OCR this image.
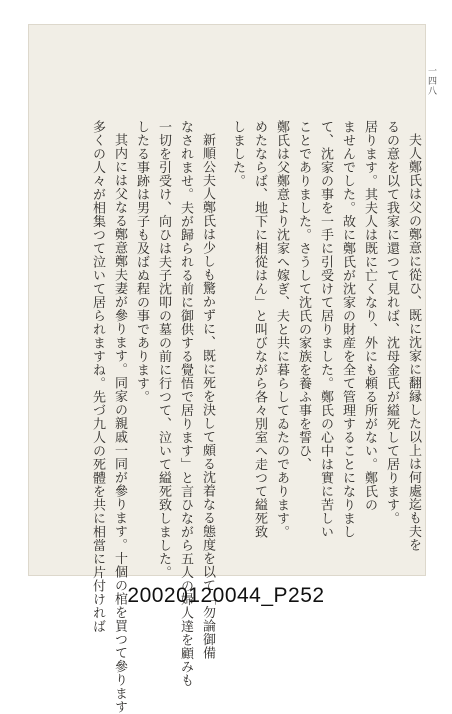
一四八
夫人鄭氏は父の鄭意に從ひ、既に沈家に翻縁した以上は何處迄も夫を
るの意を以て我家に還つて見れば、沈母金氏が縊死して居ります。
居ります。其夫人は既に亡くなり、外にも頼る所がない。鄭氏の
ませんでした。故に鄭氏が沈家の財産を全て管理することになりまし
て、沈家の事を一手に引受けて居りました。鄭氏の心中は實に苦しい
ことでありました。さうして沈氏の家族を養ふ事を誓ひ、
鄭氏は父鄭意より沈家へ嫁ぎ、夫と共に暮らしてゐたのであります。
めたならば、地下に相從はん」と叫びながら各々別室へ走つて縊死致
しました。
新順公夫人鄭氏は少しも驚かずに、既に死を決して頗る沈着なる態度を以て「勿論御備
なされませ。夫が歸られる前に御供する覺悟で居ります」と言ひながら五人の婦人達を顧みも
一切を引受け、向ひは夫子沈叩の墓の前に行つて、泣いて縊死致しました。
したる事跡は男子も及ばぬ程の事であります。
其内には父なる鄭意鄭夫妻が參ります。同家の親戚一同が參ります。十個の棺を買つて參ります
多くの人々が相集つて泣いて居られますね。先づ九人の死體を共に相當に片付ければ	20020120044_P252
